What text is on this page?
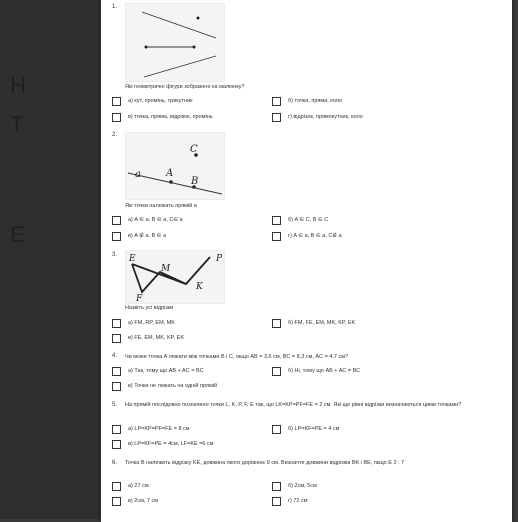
H
T
E
1.
Які геометричні фігури зображені на малюнку?
а) кут, промінь, трикутник	б) точка, пряма, коло
в) точка, пряма, відрізок, промінь	г) відрізок, прямокутник, коло
2.
a	A
B
C
Які точки належать прямій a
а) A ∈ a, B ∈ a, C∈ a	б) A ∈ C, B ∈ C
в) A ∉ a, B ∈ a	г) A ∈ a, B ∈ a, C∉ a
3. E
M
F
K
P
Назвіть усі відрізки
а) FM, RP, EM, MK	б) FM, FE, EM, MK, KP, EK
в) FE, EM, MK, KP, EK
4. Чи може точка A лежати між точками B і C, якщо AB = 3,6 см, BC = 8,3 см, AC = 4,7 см?
а) Так, тому що AB + AC = BC	б) Ні, тому що AB + AC ≠ BC
в) Точки не лежать на одній прямій
5. На прямій послідовно позначено точки L, K, P, F, E так, що LK=KP=PF=FE = 2 см. Які ще рівні відрізки визначаються цими точками?
а) LP=KP=PF=FE = 8 см	б) LP=KF=PE = 4 см
в) LP=KF=PE = 4см, LF=KE =6 см
6. Точка B належить відрізку KE, довжина якого дорівнює 9 см. Визначте довжини відрізків BK і BE, якщо E 2 : 7
а) 27 см	б) 2см, 5см
в) 2см, 7 см	г) 72 см
